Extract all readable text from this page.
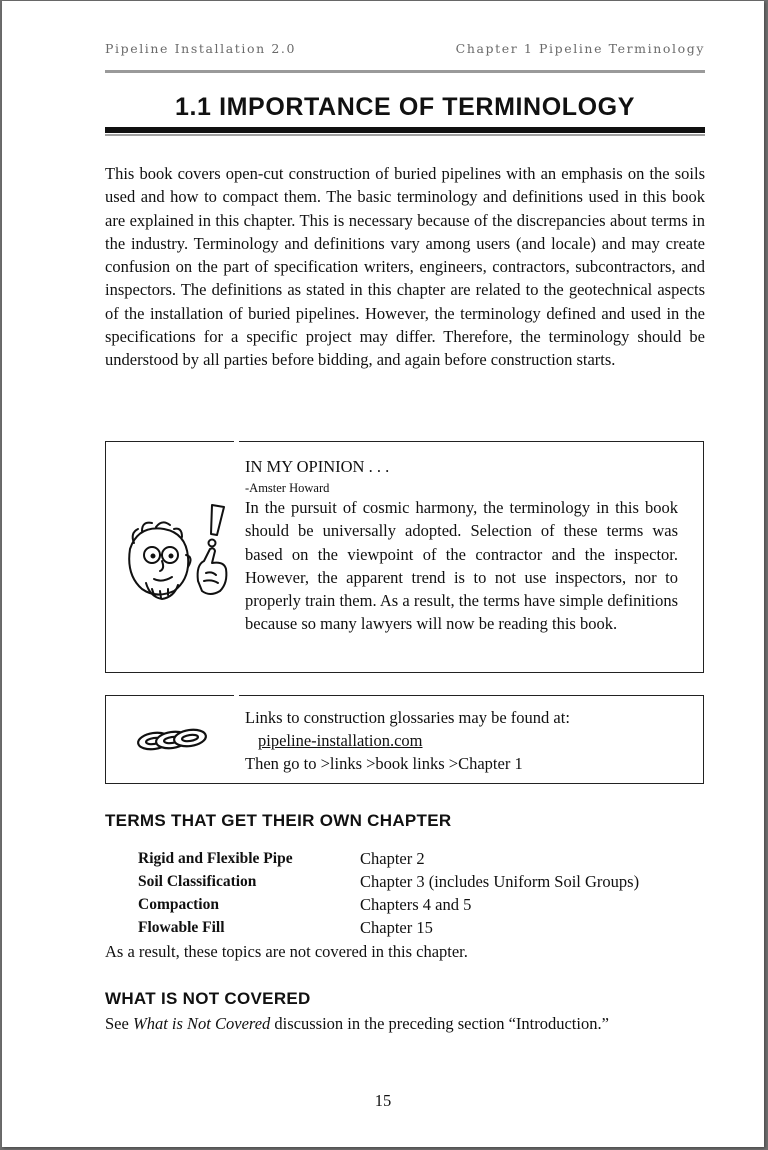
Pipeline Installation 2.0	Chapter 1 Pipeline Terminology
1.1 IMPORTANCE OF TERMINOLOGY
This book covers open-cut construction of buried pipelines with an emphasis on the soils used and how to compact them. The basic terminology and definitions used in this book are explained in this chapter. This is necessary because of the discrepancies about terms in the industry. Terminology and definitions vary among users (and locale) and may create confusion on the part of specification writers, engineers, contractors, subcontractors, and inspectors. The definitions as stated in this chapter are related to the geotechnical aspects of the installation of buried pipelines. However, the terminology defined and used in the specifications for a specific project may differ. Therefore, the terminology should be understood by all parties before bidding, and again before construction starts.
IN MY OPINION . . .
-Amster Howard
In the pursuit of cosmic harmony, the terminology in this book should be universally adopted. Selection of these terms was based on the viewpoint of the contractor and the inspector. However, the apparent trend is to not use inspectors, nor to properly train them. As a result, the terms have simple definitions because so many lawyers will now be reading this book.
Links to construction glossaries may be found at:
pipeline-installation.com
Then go to >links >book links >Chapter 1
TERMS THAT GET THEIR OWN CHAPTER
Rigid and Flexible Pipe	Chapter 2
Soil Classification	Chapter 3 (includes Uniform Soil Groups)
Compaction	Chapters 4 and 5
Flowable Fill	Chapter 15
As a result, these topics are not covered in this chapter.
WHAT IS NOT COVERED
See What is Not Covered discussion in the preceding section “Introduction.”
15
